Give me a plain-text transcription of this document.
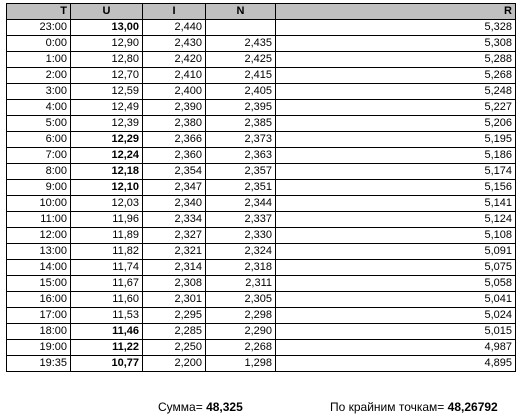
T	U	I	N	R
23:00	13,00	2,440		5,328
0:00	12,90	2,430	2,435	5,308
1:00	12,80	2,420	2,425	5,288
2:00	12,70	2,410	2,415	5,268
3:00	12,59	2,400	2,405	5,248
4:00	12,49	2,390	2,395	5,227
5:00	12,39	2,380	2,385	5,206
6:00	12,29	2,366	2,373	5,195
7:00	12,24	2,360	2,363	5,186
8:00	12,18	2,354	2,357	5,174
9:00	12,10	2,347	2,351	5,156
10:00	12,03	2,340	2,344	5,141
11:00	11,96	2,334	2,337	5,124
12:00	11,89	2,327	2,330	5,108
13:00	11,82	2,321	2,324	5,091
14:00	11,74	2,314	2,318	5,075
15:00	11,67	2,308	2,311	5,058
16:00	11,60	2,301	2,305	5,041
17:00	11,53	2,295	2,298	5,024
18:00	11,46	2,285	2,290	5,015
19:00	11,22	2,250	2,268	4,987
19:35	10,77	2,200	1,298	4,895
Сумма= 48,325	По крайним точкам= 48,26792
